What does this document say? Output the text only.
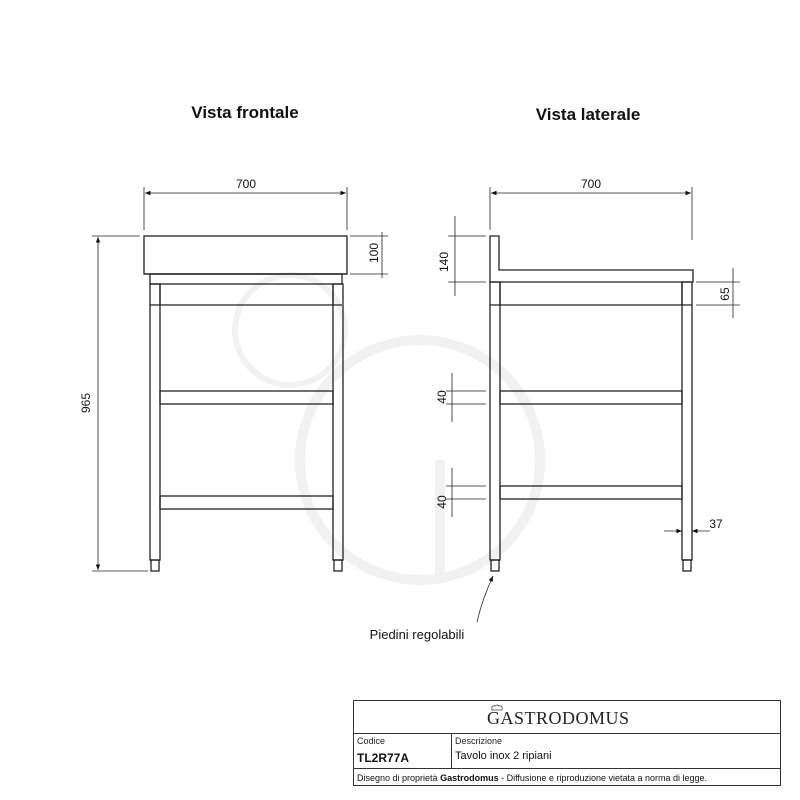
Vista frontale	Vista laterale
700
965
100
700
140
65
40
40
37
Piedini regolabili
GASTRODOMUS
Codice
TL2R77A
Descrizione
Tavolo inox 2 ripiani
Disegno di proprietà Gastrodomus - Diffusione e riproduzione vietata a norma di legge.
